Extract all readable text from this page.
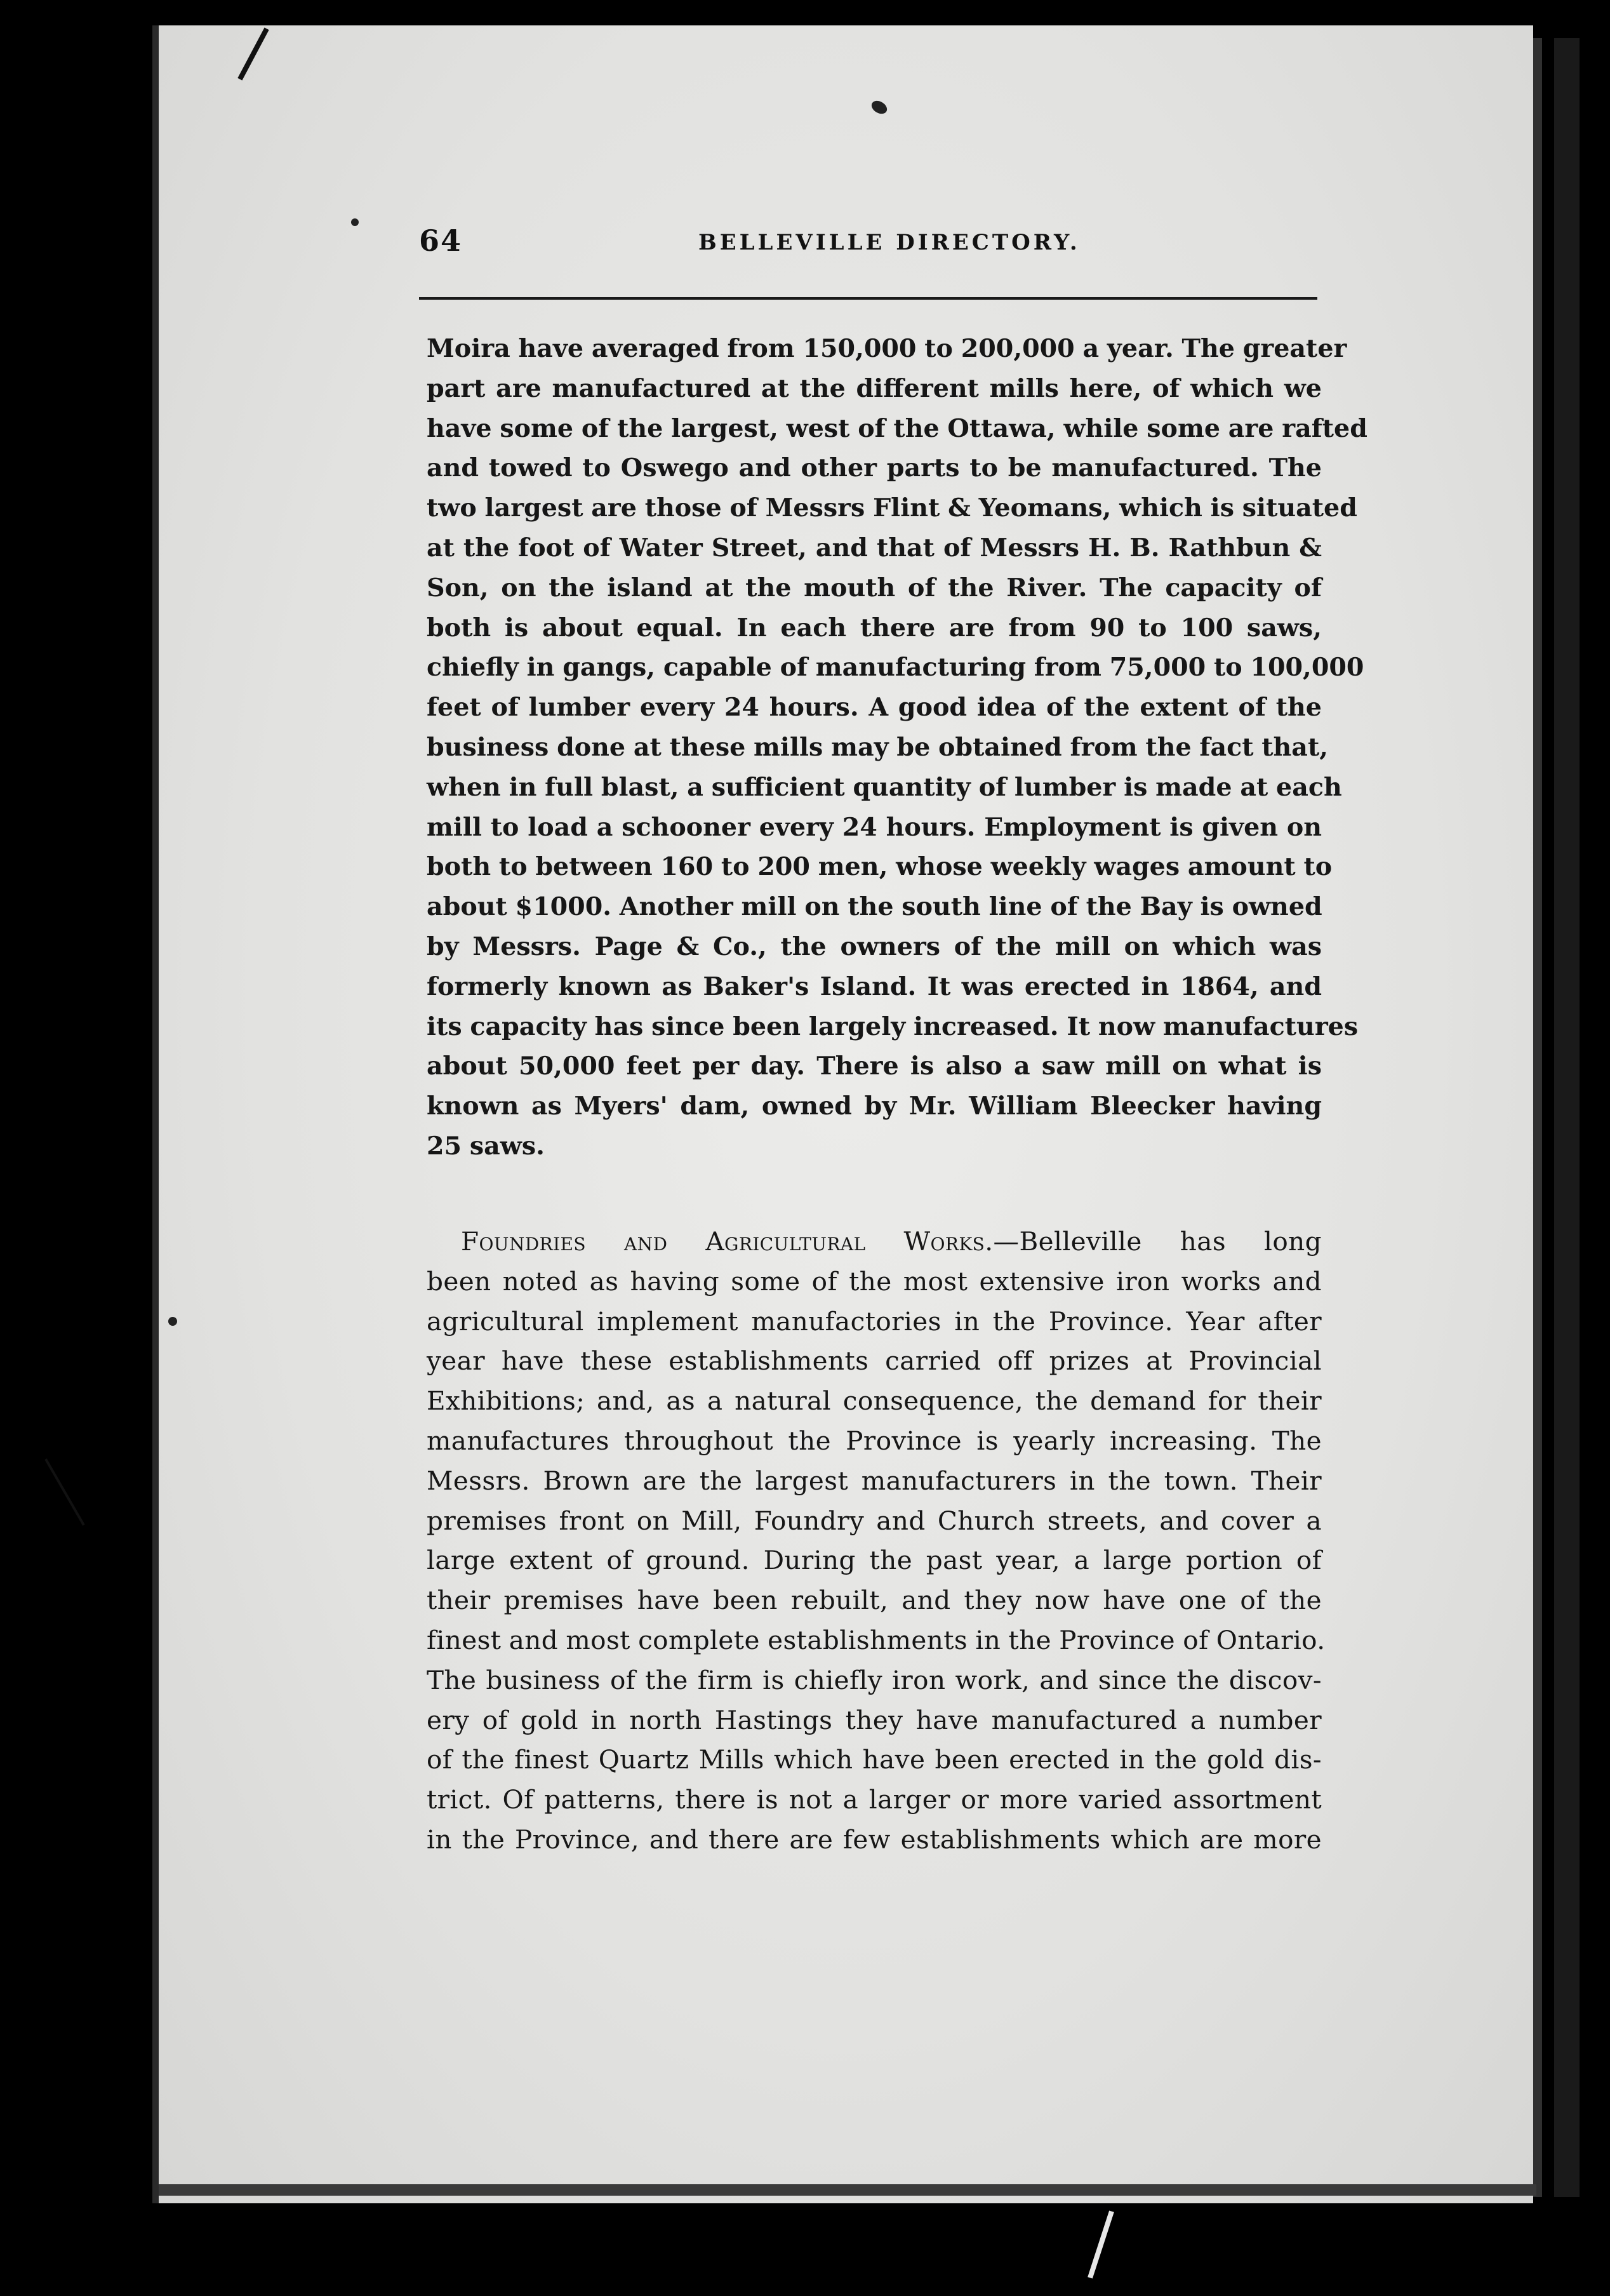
64	BELLEVILLE DIRECTORY.

Moira have averaged from 150,000 to 200,000 a year. The greater
part are manufactured at the different mills here, of which we
have some of the largest, west of the Ottawa, while some are rafted
and towed to Oswego and other parts to be manufactured. The
two largest are those of Messrs Flint & Yeomans, which is situated
at the foot of Water Street, and that of Messrs H. B. Rathbun &
Son, on the island at the mouth of the River. The capacity of
both is about equal. In each there are from 90 to 100 saws,
chiefly in gangs, capable of manufacturing from 75,000 to 100,000
feet of lumber every 24 hours. A good idea of the extent of the
business done at these mills may be obtained from the fact that,
when in full blast, a sufficient quantity of lumber is made at each
mill to load a schooner every 24 hours. Employment is given on
both to between 160 to 200 men, whose weekly wages amount to
about $1000. Another mill on the south line of the Bay is owned
by Messrs. Page & Co., the owners of the mill on which was
formerly known as Baker's Island. It was erected in 1864, and
its capacity has since been largely increased. It now manufactures
about 50,000 feet per day. There is also a saw mill on what is
known as Myers' dam, owned by Mr. William Bleecker having
25 saws.

Foundries and Agricultural Works.—Belleville has long
been noted as having some of the most extensive iron works and
agricultural implement manufactories in the Province. Year after
year have these establishments carried off prizes at Provincial
Exhibitions; and, as a natural consequence, the demand for their
manufactures throughout the Province is yearly increasing. The
Messrs. Brown are the largest manufacturers in the town. Their
premises front on Mill, Foundry and Church streets, and cover a
large extent of ground. During the past year, a large portion of
their premises have been rebuilt, and they now have one of the
finest and most complete establishments in the Province of Ontario.
The business of the firm is chiefly iron work, and since the discov-
ery of gold in north Hastings they have manufactured a number
of the finest Quartz Mills which have been erected in the gold dis-
trict. Of patterns, there is not a larger or more varied assortment
in the Province, and there are few establishments which are more
